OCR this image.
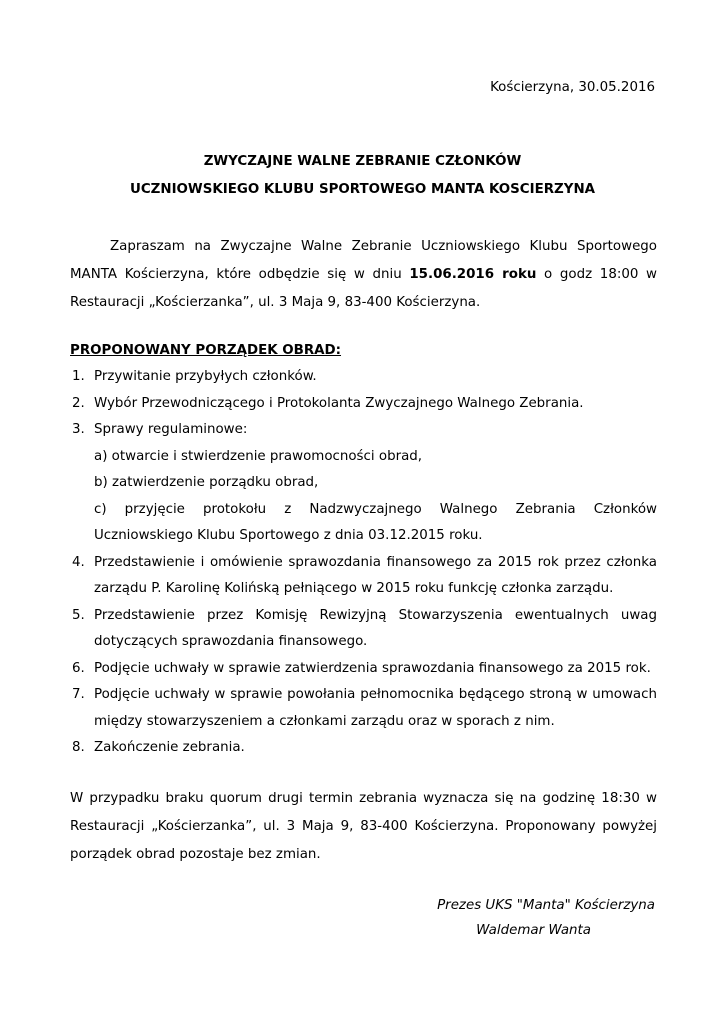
Kościerzyna, 30.05.2016
ZWYCZAJNE WALNE ZEBRANIE CZŁONKÓW
UCZNIOWSKIEGO KLUBU SPORTOWEGO MANTA KOSCIERZYNA

Zapraszam na Zwyczajne Walne Zebranie Uczniowskiego Klubu Sportowego MANTA Kościerzyna, które odbędzie się w dniu 15.06.2016 roku o godz 18:00 w Restauracji „Kościerzanka”, ul. 3 Maja 9, 83-400 Kościerzyna.

PROPONOWANY PORZĄDEK OBRAD:
1. Przywitanie przybyłych członków.
2. Wybór Przewodniczącego i Protokolanta Zwyczajnego Walnego Zebrania.
3. Sprawy regulaminowe:
a) otwarcie i stwierdzenie prawomocności obrad,
b) zatwierdzenie porządku obrad,
c) przyjęcie protokołu z Nadzwyczajnego Walnego Zebrania Członków Uczniowskiego Klubu Sportowego z dnia 03.12.2015 roku.
4. Przedstawienie i omówienie sprawozdania finansowego za 2015 rok przez członka zarządu P. Karolinę Kolińską pełniącego w 2015 roku funkcję członka zarządu.
5. Przedstawienie przez Komisję Rewizyjną Stowarzyszenia ewentualnych uwag dotyczących sprawozdania finansowego.
6. Podjęcie uchwały w sprawie zatwierdzenia sprawozdania finansowego za 2015 rok.
7. Podjęcie uchwały w sprawie powołania pełnomocnika będącego stroną w umowach między stowarzyszeniem a członkami zarządu oraz w sporach z nim.
8. Zakończenie zebrania.

W przypadku braku quorum drugi termin zebrania wyznacza się na godzinę 18:30 w Restauracji „Kościerzanka”, ul. 3 Maja 9, 83-400 Kościerzyna. Proponowany powyżej porządek obrad pozostaje bez zmian.

Prezes UKS "Manta" Kościerzyna
Waldemar Wanta
